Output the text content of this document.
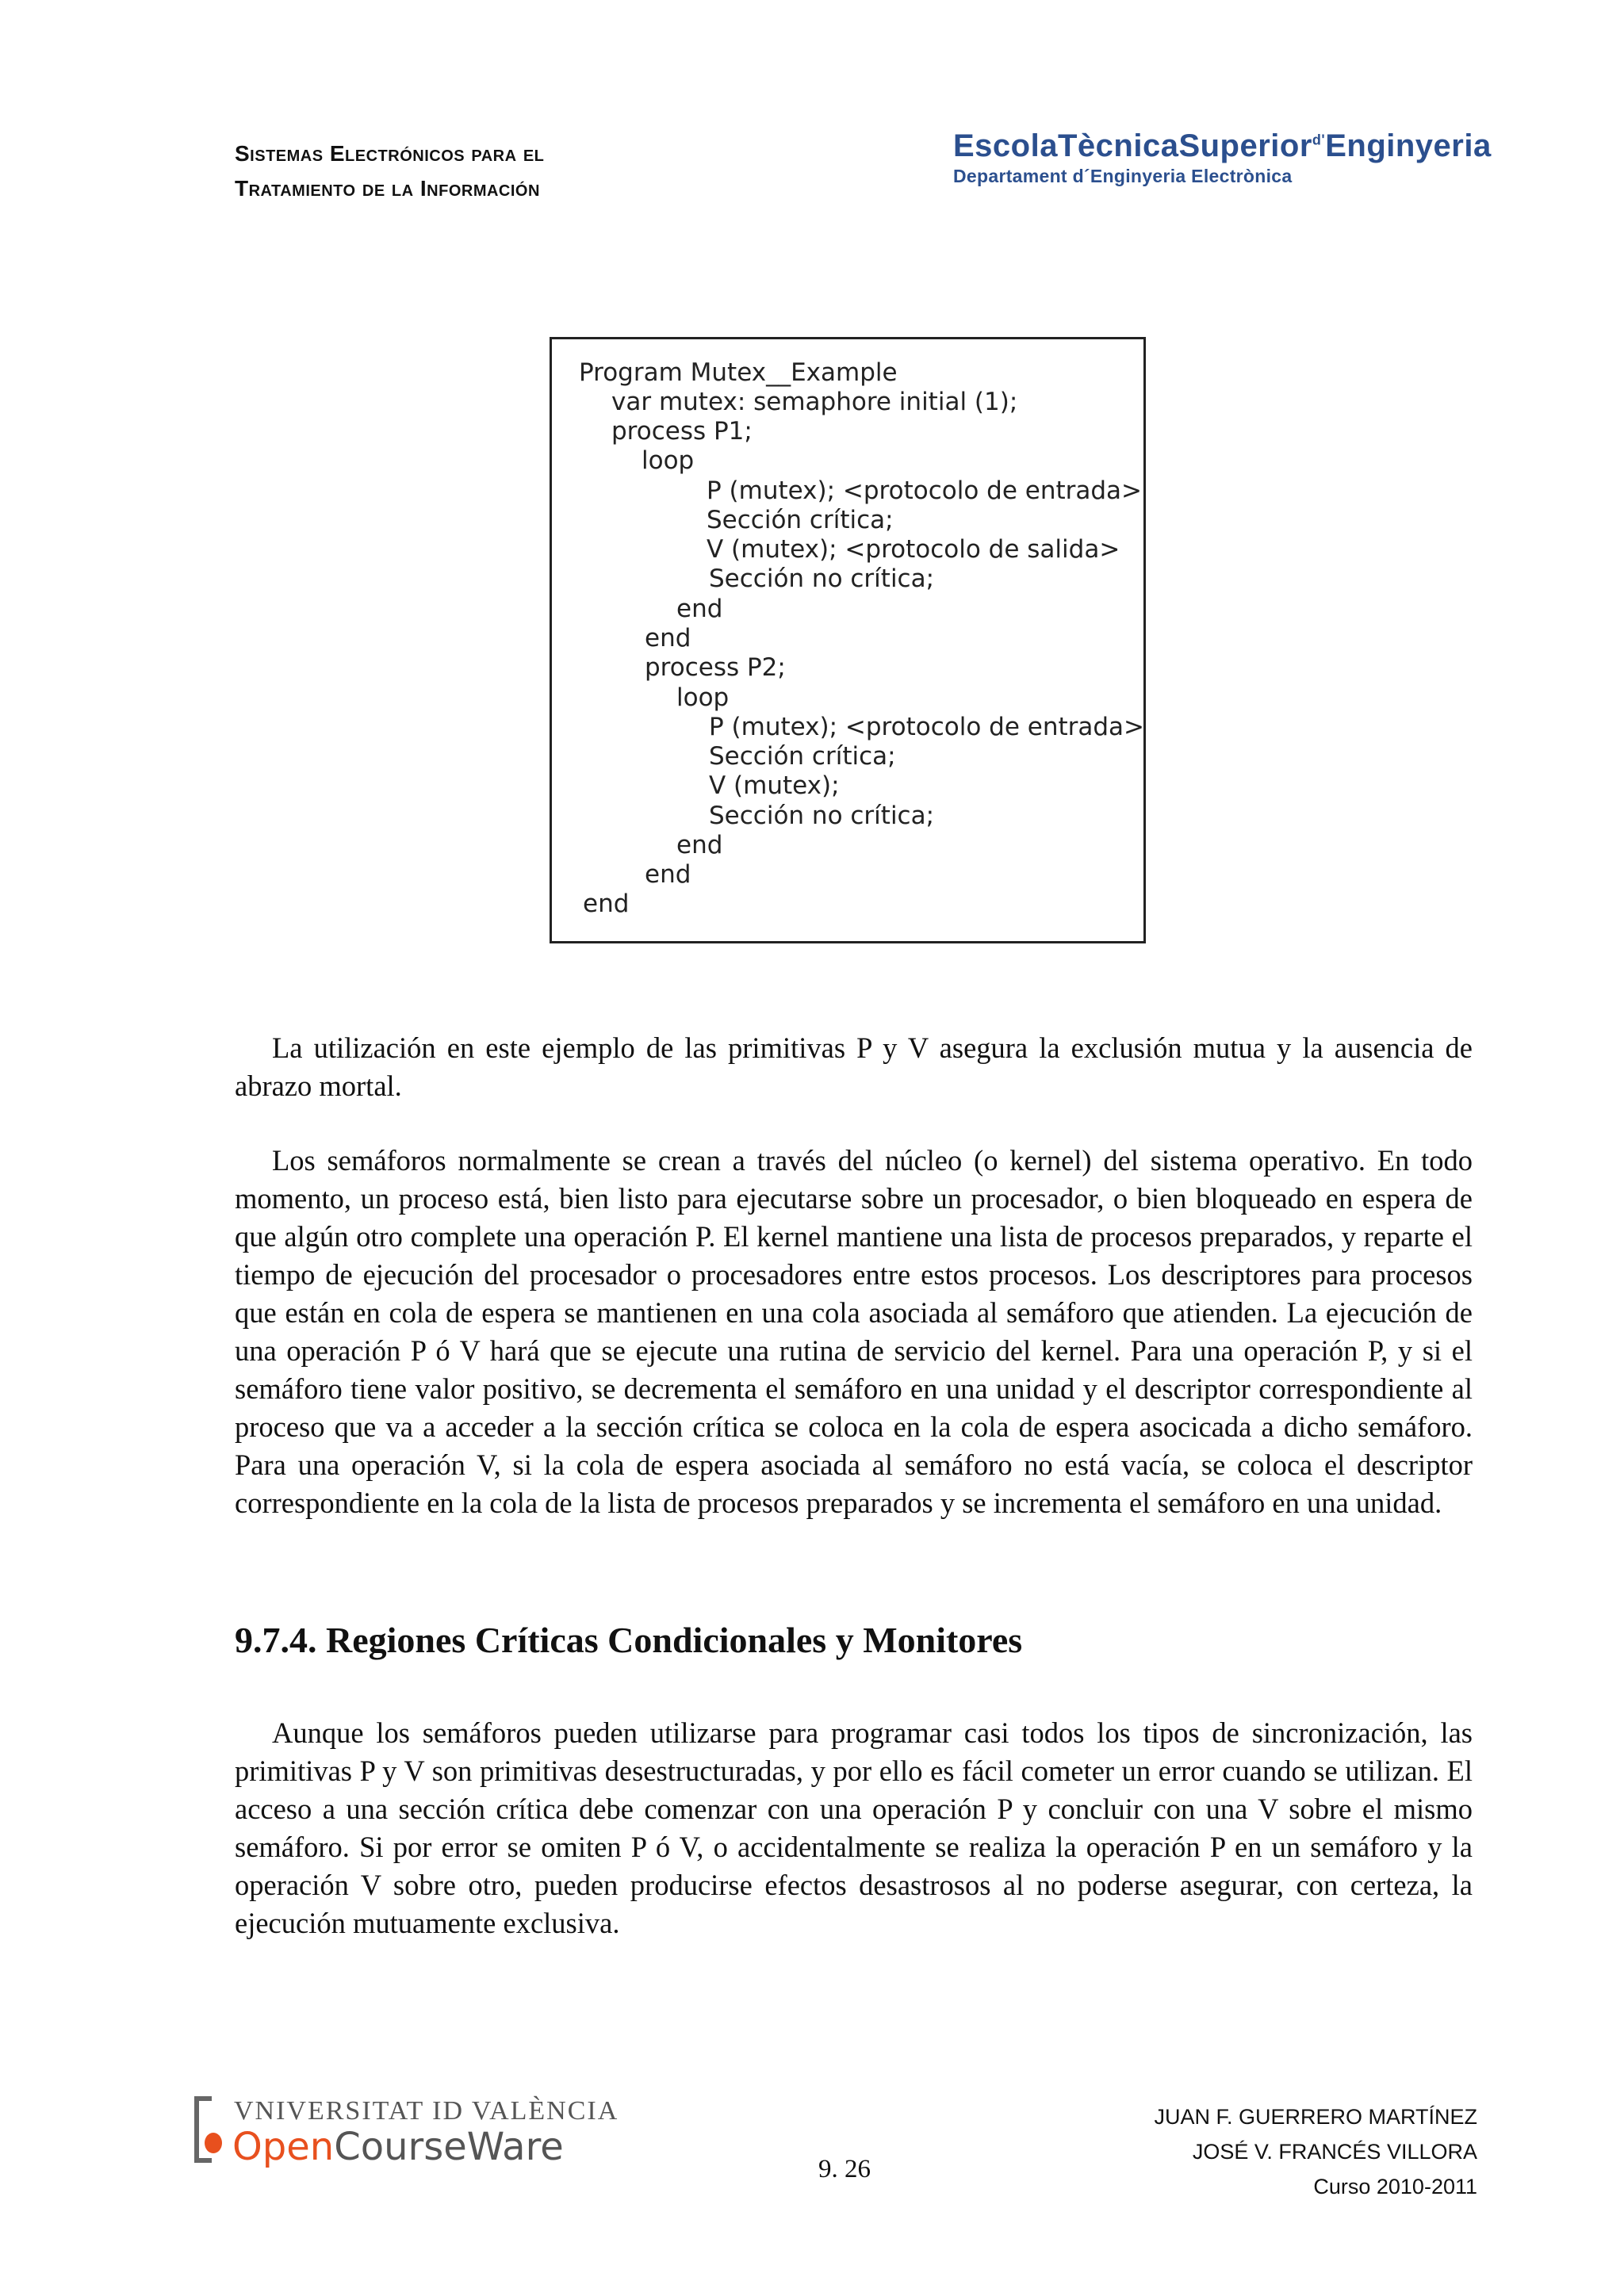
Sistemas Electrónicos para el
Tratamiento de la Información
EscolaTècnicaSuperior$^{d'}$Enginyeria
Departament d´Enginyeria Electrònica
Program Mutex__Example
var mutex: semaphore initial (1);
process P1;
loop
P (mutex); <protocolo de entrada>
Sección crítica;
V (mutex); <protocolo de salida>
Sección no crítica;
end
end
process P2;
loop
P (mutex); <protocolo de entrada>
Sección crítica;
V (mutex);
Sección no crítica;
end
end
end

La utilización en este ejemplo de las primitivas P y V asegura la exclusión mutua y la ausencia de abrazo mortal.

Los semáforos normalmente se crean a través del núcleo (o kernel) del sistema operativo. En todo momento, un proceso está, bien listo para ejecutarse sobre un procesador, o bien bloqueado en espera de que algún otro complete una operación P. El kernel mantiene una lista de procesos preparados, y reparte el tiempo de ejecución del procesador o procesadores entre estos procesos. Los descriptores para procesos que están en cola de espera se mantienen en una cola asociada al semáforo que atienden. La ejecución de una operación P ó V hará que se ejecute una rutina de servicio del kernel. Para una operación P, y si el semáforo tiene valor positivo, se decrementa el semáforo en una unidad y el descriptor correspondiente al proceso que va a acceder a la sección crítica se coloca en la cola de espera asocicada a dicho semáforo. Para una operación V, si la cola de espera asociada al semáforo no está vacía, se coloca el descriptor correspondiente en la cola de la lista de procesos preparados y se incrementa el semáforo en una unidad.

9.7.4. Regiones Críticas Condicionales y Monitores

Aunque los semáforos pueden utilizarse para programar casi todos los tipos de sincronización, las primitivas P y V son primitivas desestructuradas, y por ello es fácil cometer un error cuando se utilizan. El acceso a una sección crítica debe comenzar con una operación P y concluir con una V sobre el mismo semáforo. Si por error se omiten P ó V, o accidentalmente se realiza la operación P en un semáforo y la operación V sobre otro, pueden producirse efectos desastrosos al no poderse asegurar, con certeza, la ejecución mutuamente exclusiva.

VNIVERSITAT ID VALÈNCIA
OpenCourseWare	9. 26
JUAN F. GUERRERO MARTÍNEZ
JOSÉ V. FRANCÉS VILLORA
Curso 2010-2011
